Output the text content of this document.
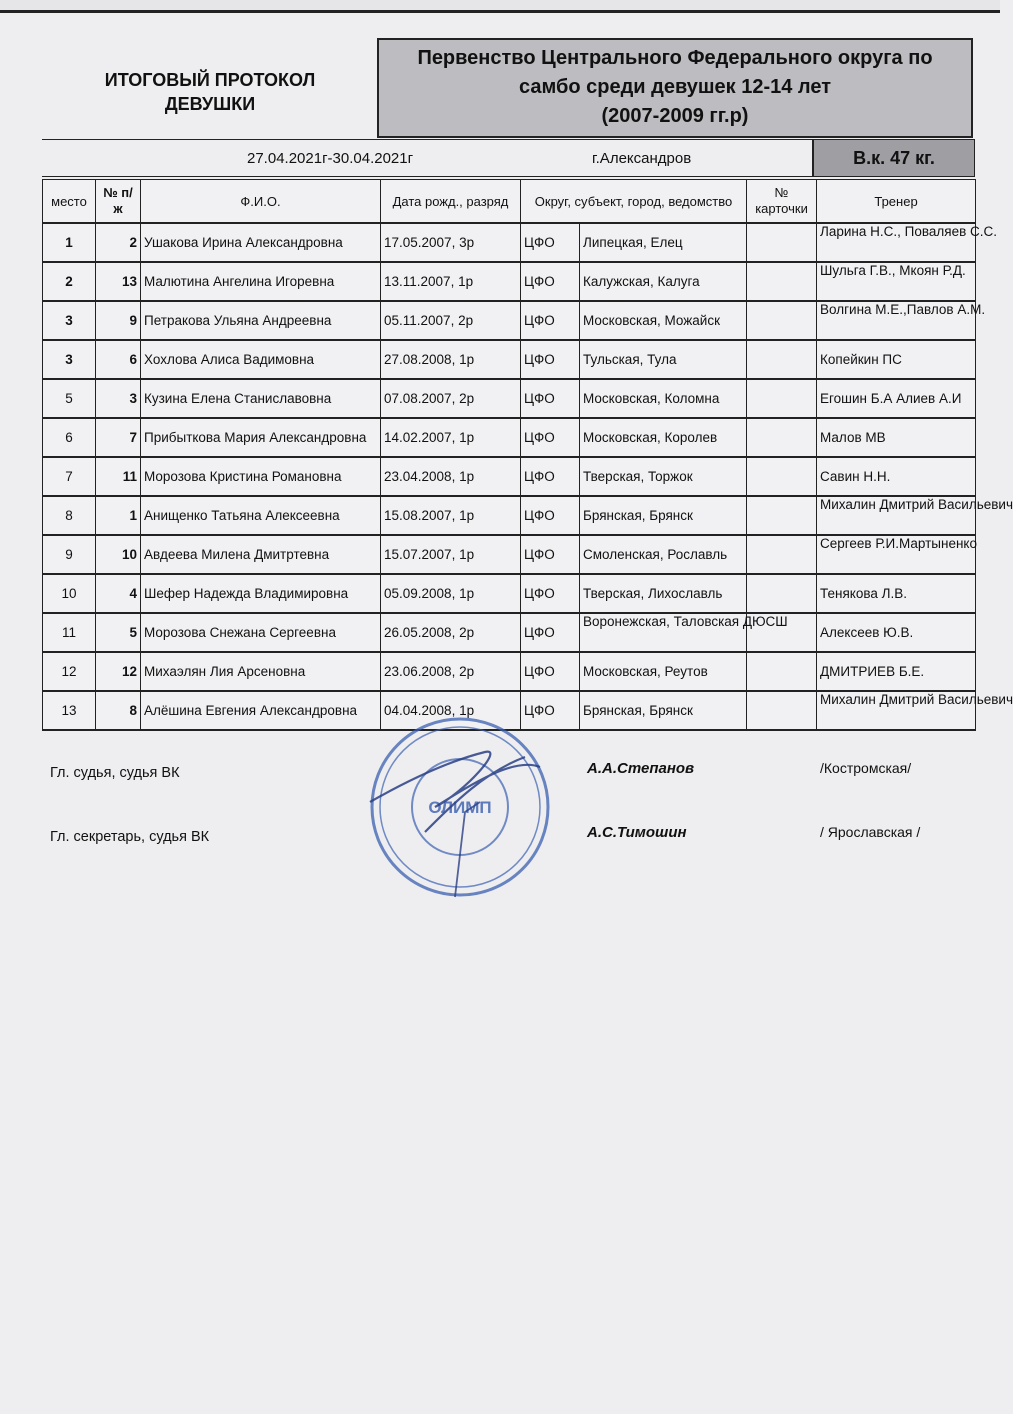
ИТОГОВЫЙ ПРОТОКОЛ
ДЕВУШКИ
Первенство Центрального Федерального округа по
самбо среди девушек 12-14 лет
(2007-2009 гг.р)
27.04.2021г-30.04.2021г	г.Александров	В.к. 47 кг.
место	№ п/ж	Ф.И.О.	Дата рожд., разряд	Округ, субъект, город, ведомство		№ карточки	Тренер
1	2	Ушакова Ирина Александровна	17.05.2007, 3р	ЦФО	Липецкая, Елец		Ларина Н.С., Поваляев С.С.
2	13	Малютина Ангелина Игоревна	13.11.2007, 1р	ЦФО	Калужская, Калуга		Шульга Г.В., Мкоян Р.Д.
3	9	Петракова Ульяна Андреевна	05.11.2007, 2р	ЦФО	Московская, Можайск		Волгина М.Е.,Павлов А.М.
3	6	Хохлова Алиса Вадимовна	27.08.2008, 1р	ЦФО	Тульская, Тула		Копейкин ПС
5	3	Кузина Елена Станиславовна	07.08.2007, 2р	ЦФО	Московская, Коломна		Егошин Б.А Алиев А.И
6	7	Прибыткова Мария Александровна	14.02.2007, 1р	ЦФО	Московская, Королев		Малов МВ
7	11	Морозова Кристина Романовна	23.04.2008, 1р	ЦФО	Тверская, Торжок		Савин Н.Н.
8	1	Анищенко Татьяна Алексеевна	15.08.2007, 1р	ЦФО	Брянская, Брянск		Михалин Дмитрий Васильевич
9	10	Авдеева Милена Дмитртевна	15.07.2007, 1р	ЦФО	Смоленская, Рославль		Сергеев Р.И.Мартыненко
10	4	Шефер Надежда Владимировна	05.09.2008, 1р	ЦФО	Тверская, Лихославль		Тенякова Л.В.
11	5	Морозова Снежана Сергеевна	26.05.2008, 2р	ЦФО	Воронежская, Таловская ДЮСШ		Алексеев Ю.В.
12	12	Михаэлян Лия Арсеновна	23.06.2008, 2р	ЦФО	Московская, Реутов		ДМИТРИЕВ Б.Е.
13	8	Алёшина Евгения Александровна	04.04.2008, 1р	ЦФО	Брянская, Брянск		Михалин Дмитрий Васильевич
Гл. судья, судья ВК	А.А.Степанов	/Костромская/
Гл. секретарь, судья ВК	А.С.Тимошин	/ Ярославская /
ОЛИМП
